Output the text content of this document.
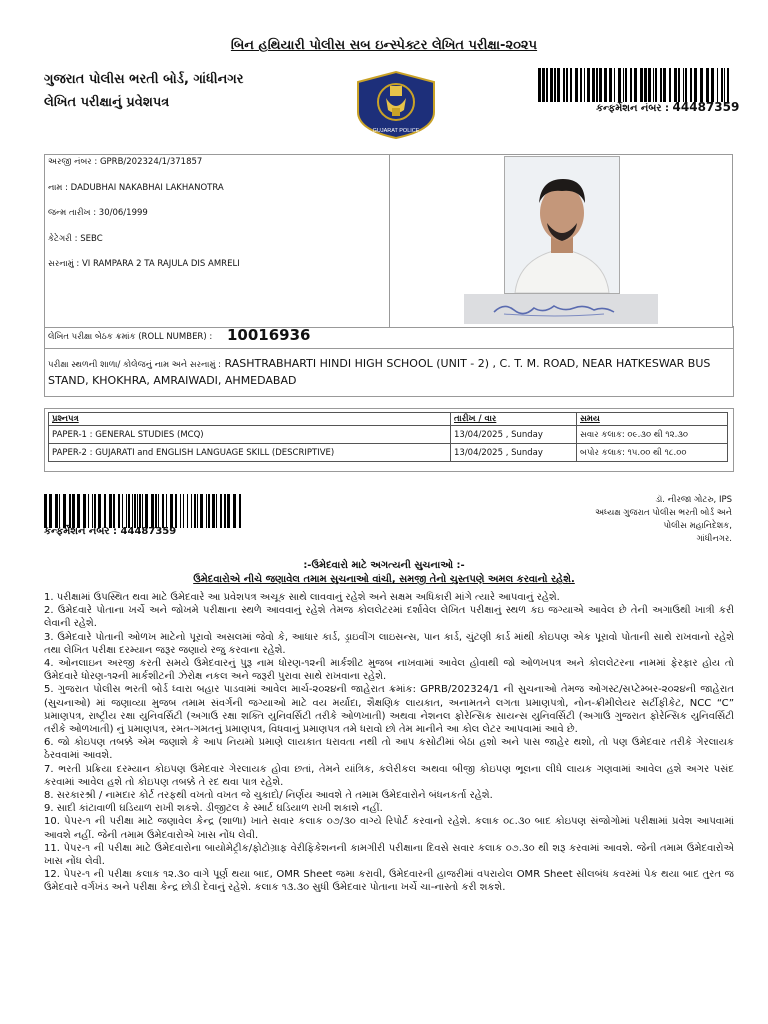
બિન હથિયારી પોલીસ સબ ઇન્સ્પેક્ટર લેખિત પરીક્ષા-૨૦૨૫
ગુજરાત પોલીસ ભરતી બોર્ડ, ગાંધીનગર
લેખિત પરીક્ષાનું પ્રવેશપત્ર
GUJARAT POLICE
કન્ફર્મેશન નંબર : 44487359
અરજી નંબર : GPRB/202324/1/371857
નામ : DADUBHAI NAKABHAI LAKHANOTRA
જન્મ તારીખ : 30/06/1999
કેટેગરી : SEBC
સરનામું : VI RAMPARA 2 TA RAJULA DIS AMRELI
લેખિત પરીક્ષા બેઠક ક્રમાંક (ROLL NUMBER) : 10016936
પરીક્ષા સ્થળની શાળા/ કોલેજનું નામ અને સરનામું : RASHTRABHARTI HINDI HIGH SCHOOL (UNIT - 2) , C. T. M. ROAD, NEAR HATKESWAR BUS STAND, KHOKHRA, AMRAIWADI, AHMEDABAD
પ્રશ્નપત્ર	તારીખ / વાર	સમય
PAPER-1 : GENERAL STUDIES (MCQ)	13/04/2025 , Sunday	સવાર કલાક: ૦૯.૩૦ થી ૧૨.૩૦
PAPER-2 : GUJARATI and ENGLISH LANGUAGE SKILL (DESCRIPTIVE)	13/04/2025 , Sunday	બપોર કલાક: ૧૫.૦૦ થી ૧૮.૦૦
કન્ફર્મેશન નંબર : 44487359
ડૉ. નીરજા ગોટરુ, IPS
અધ્યક્ષ ગુજરાત પોલીસ ભરતી બોર્ડ અને
પોલીસ મહાનિદેશક,
ગાંધીનગર.
:-ઉમેદવારો માટે અગત્યની સુચનાઓ :-
ઉમેદવારોએ નીચે જણાવેલ તમામ સુચનાઓ વાંચી, સમજી તેનો ચુસ્તપણે અમલ કરવાનો રહેશે.

1. પરીક્ષામાં ઉપસ્થિત થવા માટે ઉમેદવારે આ પ્રવેશપત્ર અચૂક સાથે લાવવાનું રહેશે અને સક્ષમ અધિકારી માંગે ત્યારે આપવાનું રહેશે.

2. ઉમેદવારે પોતાના ખર્ચે અને જોખમે પરીક્ષાના સ્થળે આવવાનું રહેશે તેમજ કોલલેટરમાં દર્શાવેલ લેખિત પરીક્ષાનું સ્થળ કઇ જગ્યાએ આવેલ છે તેની અગાઉથી ખાત્રી કરી લેવાની રહેશે.

3. ઉમેદવારે પોતાની ઓળખ માટેનો પૂરાવો અસલમાં જેવો કે, આધાર કાર્ડ, ડ્રાઇવીંગ લાઇસન્સ, પાન કાર્ડ, ચુંટણી કાર્ડ માંથી કોઇપણ એક પૂરાવો પોતાની સાથે રાખવાનો રહેશે તથા લેખિત પરીક્ષા દરમ્યાન જરૂર જણાયે રજુ કરવાના રહેશે.

4. ઓનલાઇન અરજી કરતી સમયે ઉમેદવારનું પુરૂ નામ ધોરણ-૧૨ની માર્કશીટ મુજબ નાખવામાં આવેલ હોવાથી જો ઓળખપત્ર અને કોલલેટરના નામમાં ફેરફાર હોય તો ઉમેદવારે ધોરણ-૧૨ની માર્કશીટની ઝેરોક્ષ નકલ અને જરૂરી પુરાવા સાથે રાખવાના રહેશે.

5. ગુજરાત પોલીસ ભરતી બોર્ડ ધ્વારા બહાર પાડવામાં આવેલ માર્ચ-૨૦૨૪ની જાહેરાત ક્રમાંક: GPRB/202324/1 ની સુચનાઓ તેમજ ઓગસ્ટ/સપ્ટેમ્બર-૨૦૨૪ની જાહેરાત (સુચનાઓ) માં જણાવ્યા મુજબ તમામ સંવર્ગની જગ્યાઓ માટે વય મર્યાદા, શૈક્ષણિક લાયકાત, અનામતને લગતા પ્રમાણપત્રો, નોન-ક્રીમીલેયર સર્ટીફીકેટ, NCC “C” પ્રમાણપત્ર, રાષ્ટ્રીય રક્ષા યુનિવર્સિટી (અગાઉ રક્ષા શક્તિ યુનિવર્સિટી તરીકે ઓળખાતી) અથવા નેશનલ ફોરેન્સિક સાયન્સ યુનિવર્સિટી (અગાઉ ગુજરાત ફોરેન્સિક યુનિવર્સિટી તરીકે ઓળખાતી) નું પ્રમાણપત્ર, રમત-ગમતનું પ્રમાણપત્ર, વિધવાનું પ્રમાણપત્ર તમે ધરાવો છો તેમ માનીને આ કોલ લેટર આપવામાં આવે છે.

6. જો કોઇપણ તબક્કે એમ જણાશે કે આપ નિયમો પ્રમાણે લાયકાત ધરાવતા નથી તો આપ કસોટીમાં બેઠા હશો અને પાસ જાહેર થશો, તો પણ ઉમેદવાર તરીકે ગેરલાયક ઠેરવવામાં આવશે.

7. ભરતી પ્રક્રિયા દરમ્યાન કોઇપણ ઉમેદવાર ગેરલાયક હોવા છતાં, તેમને યાંત્રિક, કલેરીકલ અથવા બીજી કોઇપણ ભૂલના લીધે લાયક ગણવામાં આવેલ હશે અગર પસંદ કરવામાં આવેલ હશે તો કોઇપણ તબક્કે તે રદ થવા પાત્ર રહેશે.

8. સરકારશ્રી / નામદાર કોર્ટ તરફથી વખતો વખત જે ચુકાદો/ નિર્ણય આવશે તે તમામ ઉમેદવારોને બંધનકર્તા રહેશે.

9. સાદી કાંટાવાળી ઘડિયાળ રાખી શકશે. ડીજીટલ કે સ્માર્ટ ઘડિયાળ રાખી શકાશે નહીં.

10. પેપર-૧ ની પરીક્ષા માટે જણાવેલ કેન્દ્ર (શાળા) ખાતે સવાર કલાક ૦૭/૩૦ વાગ્યે રિપોર્ટ કરવાનો રહેશે. કલાક ૦૮.૩૦ બાદ કોઇપણ સંજોગોમાં પરીક્ષામાં પ્રવેશ આપવામાં આવશે નહીં. જેની તમામ ઉમેદવારોએ ખાસ નોંધ લેવી.

11. પેપર-૧ ની પરીક્ષા માટે ઉમેદવારોના બાયોમેટ્રીક/ફોટોગ્રાફ વેરીફિકેશનની કામગીરી પરીક્ષાના દિવસે સવાર કલાક ૦૭.૩૦ થી શરૂ કરવામાં આવશે. જેની તમામ ઉમેદવારોએ ખાસ નોંધ લેવી.

12. પેપર-૧ ની પરીક્ષા કલાક ૧૨.૩૦ વાગે પૂર્ણ થયા બાદ, OMR Sheet જમા કરાવી, ઉમેદવારની હાજરીમાં વપરાયેલ OMR Sheet સીલબંધ કવરમાં પેક થયા બાદ તુરત જ ઉમેદવારે વર્ગખંડ અને પરીક્ષા કેન્દ્ર છોડી દેવાનું રહેશે. કલાક ૧૩.૩૦ સુધી ઉમેદવાર પોતાના ખર્ચે ચા-નાસ્તો કરી શકશે.
